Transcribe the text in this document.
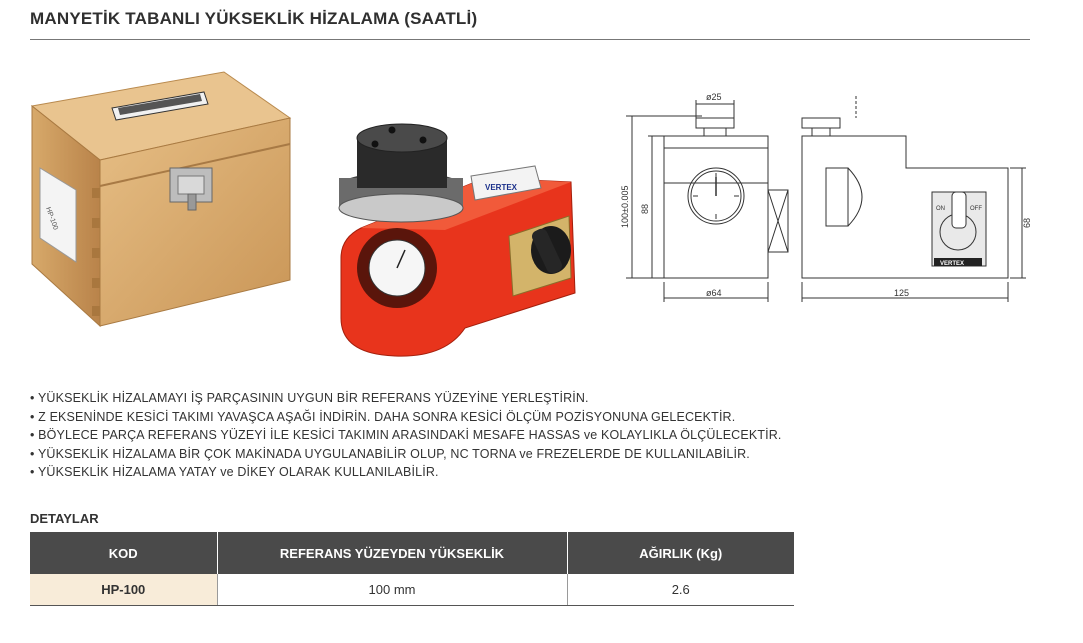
MANYETİK TABANLI YÜKSEKLİK HİZALAMA (SAATLİ)
HP-100
VERTEX
ø25
100±0.005 88
ø64	125
68
ON	OFF
VERTEX
• YÜKSEKLİK HİZALAMAYI İŞ PARÇASININ UYGUN BİR REFERANS YÜZEYİNE YERLEŞTİRİN.
• Z EKSENİNDE KESİCİ TAKIMI YAVAŞCA AŞAĞI İNDİRİN. DAHA SONRA KESİCİ ÖLÇÜM POZİSYONUNA GELECEKTİR.
• BÖYLECE PARÇA REFERANS YÜZEYİ İLE KESİCİ TAKIMIN ARASINDAKİ MESAFE HASSAS ve KOLAYLIKLA ÖLÇÜLECEKTİR.
• YÜKSEKLİK HİZALAMA BİR ÇOK MAKİNADA UYGULANABİLİR OLUP, NC TORNA ve FREZELERDE DE KULLANILABİLİR.
• YÜKSEKLİK HİZALAMA YATAY ve DİKEY OLARAK KULLANILABİLİR.
DETAYLAR
KOD	REFERANS YÜZEYDEN YÜKSEKLİK	AĞIRLIK (Kg)
HP-100	100 mm	2.6
